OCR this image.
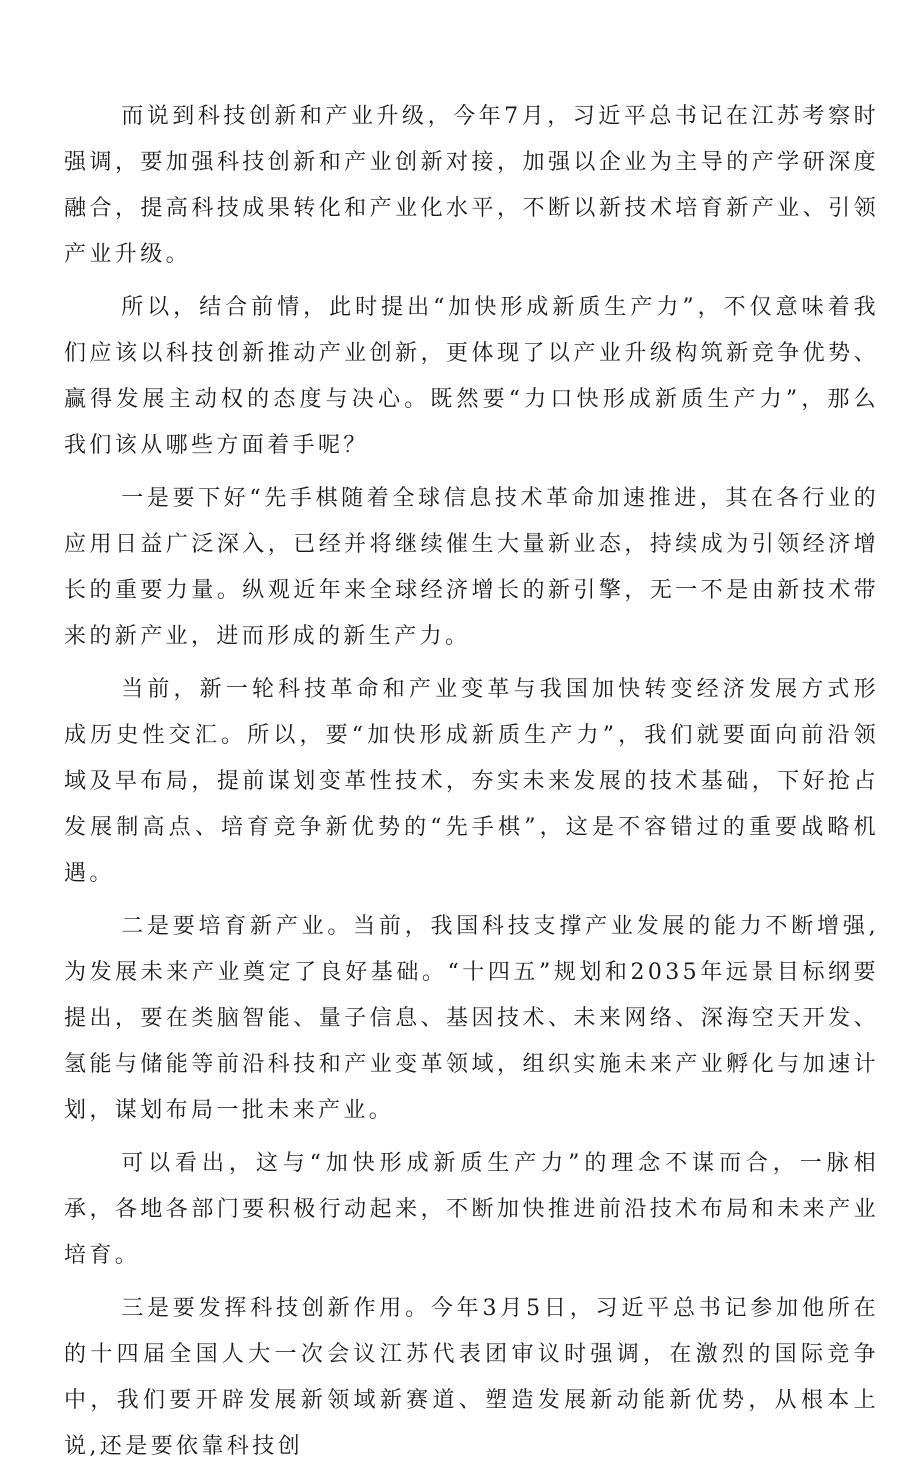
而说到科技创新和产业升级，今年7月，习近平总书记在江苏考察时强调，要加强科技创新和产业创新对接，加强以企业为主导的产学研深度融合，提高科技成果转化和产业化水平，不断以新技术培育新产业、引领产业升级。

所以，结合前情，此时提出“加快形成新质生产力”，不仅意味着我们应该以科技创新推动产业创新，更体现了以产业升级构筑新竞争优势、赢得发展主动权的态度与决心。既然要“力口快形成新质生产力”，那么我们该从哪些方面着手呢？

一是要下好“先手棋随着全球信息技术革命加速推进，其在各行业的应用日益广泛深入，已经并将继续催生大量新业态，持续成为引领经济增长的重要力量。纵观近年来全球经济增长的新引擎，无一不是由新技术带来的新产业，进而形成的新生产力。

当前，新一轮科技革命和产业变革与我国加快转变经济发展方式形成历史性交汇。所以，要“加快形成新质生产力”，我们就要面向前沿领域及早布局，提前谋划变革性技术，夯实未来发展的技术基础，下好抢占发展制高点、培育竞争新优势的“先手棋”，这是不容错过的重要战略机遇。

二是要培育新产业。当前，我国科技支撑产业发展的能力不断增强,为发展未来产业奠定了良好基础。“十四五”规划和2035年远景目标纲要提出，要在类脑智能、量子信息、基因技术、未来网络、深海空天开发、氢能与储能等前沿科技和产业变革领域，组织实施未来产业孵化与加速计划，谋划布局一批未来产业。

可以看出，这与“加快形成新质生产力”的理念不谋而合，一脉相承，各地各部门要积极行动起来，不断加快推进前沿技术布局和未来产业培育。

三是要发挥科技创新作用。今年3月5日，习近平总书记参加他所在的十四届全国人大一次会议江苏代表团审议时强调，在激烈的国际竞争中，我们要开辟发展新领域新赛道、塑造发展新动能新优势，从根本上说,还是要依靠科技创
